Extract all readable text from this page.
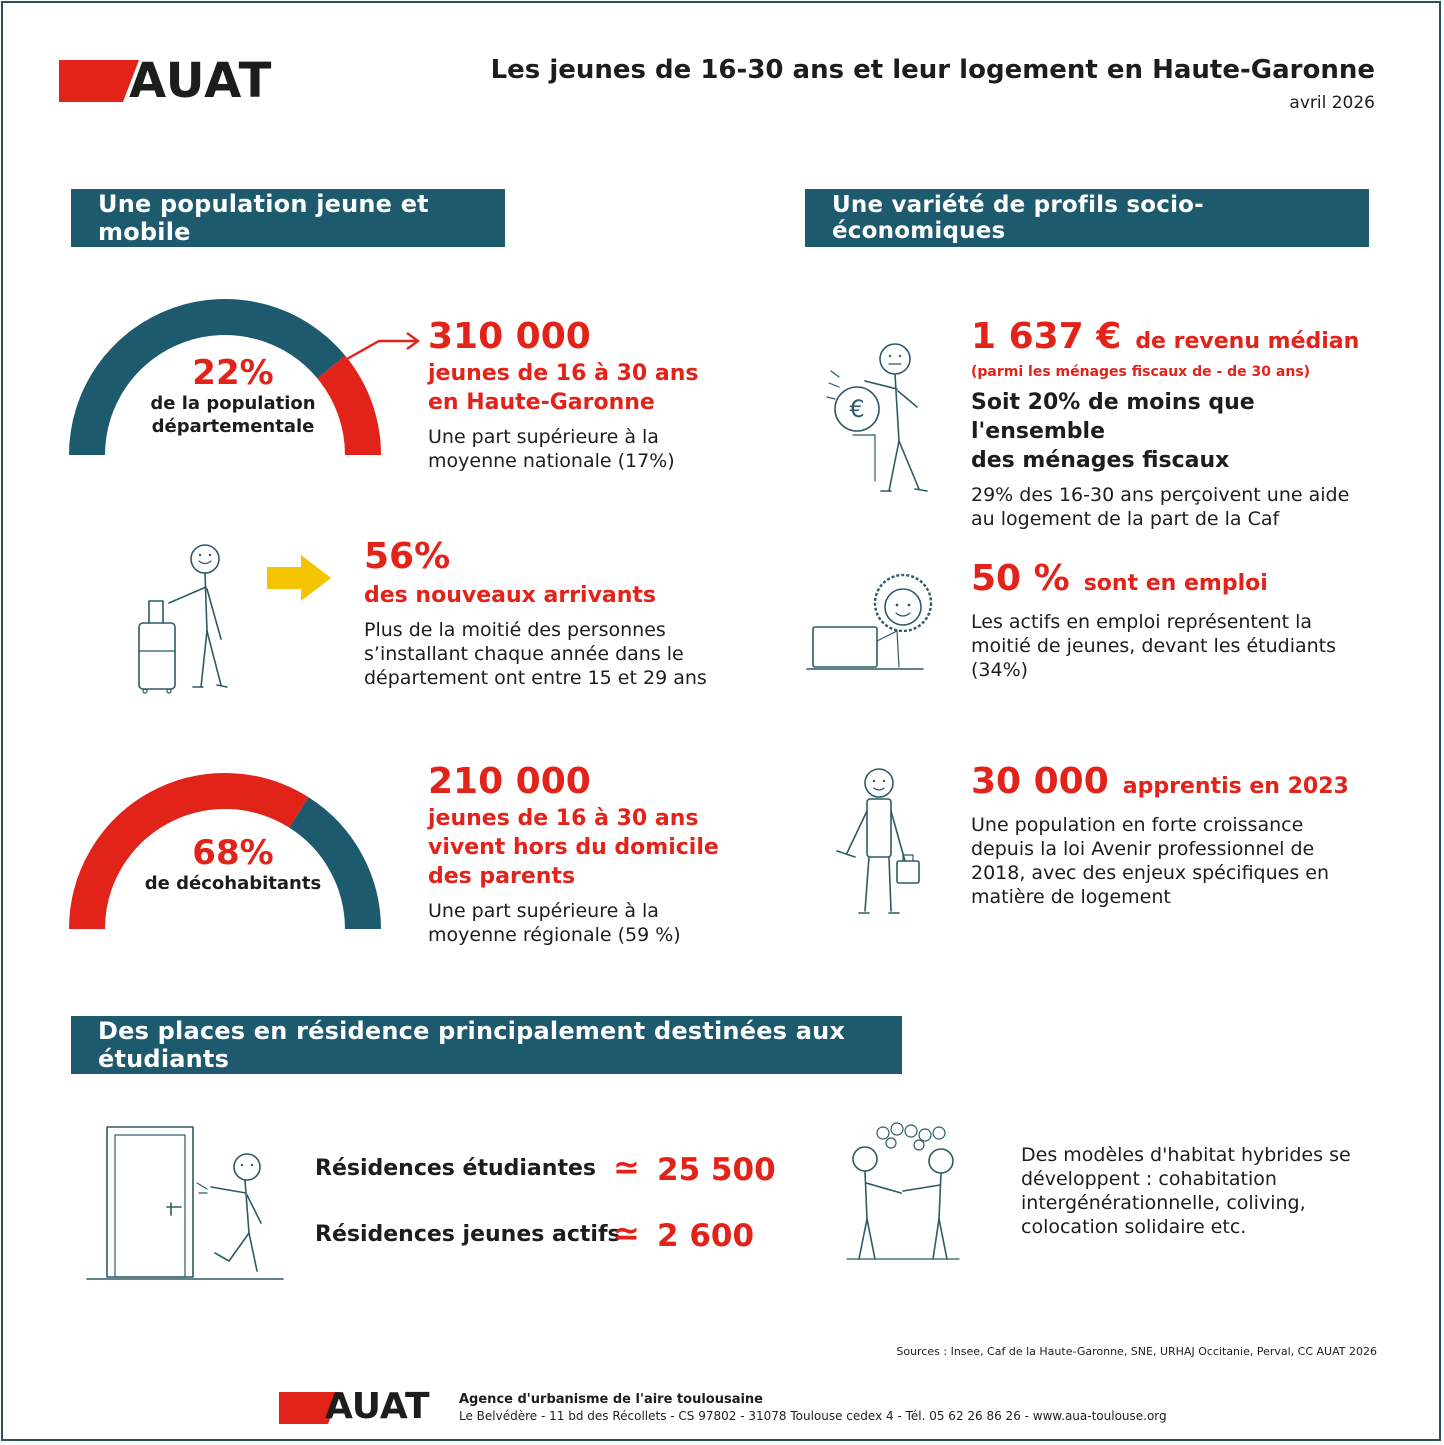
AUAT	Les jeunes de 16-30 ans et leur logement en Haute-Garonne
avril 2026
Une population jeune et mobile
Une variété de profils socio-économiques
Des places en résidence principalement destinées aux étudiants
22%
de la population
départementale
310 000
jeunes de 16 à 30 ans
en Haute-Garonne
Une part supérieure à la
moyenne nationale (17%)
56%
des nouveaux arrivants
Plus de la moitié des personnes
s’installant chaque année dans le
département ont entre 15 et 29 ans
68%
de décohabitants
210 000
jeunes de 16 à 30 ans
vivent hors du domicile
des parents
Une part supérieure à la
moyenne régionale (59 %)
€
1 637 € de revenu médian
(parmi les ménages fiscaux de - de 30 ans)
Soit 20% de moins que l'ensemble
des ménages fiscaux
29% des 16-30 ans perçoivent une aide
au logement de la part de la Caf
50 % sont en emploi
Les actifs en emploi représentent la
moitié de jeunes, devant les étudiants
(34%)
30 000 apprentis en 2023
Une population en forte croissance
depuis la loi Avenir professionnel de
2018, avec des enjeux spécifiques en
matière de logement
Résidences étudiantes ≃ 25 500
Résidences jeunes actifs
≃ 2 600
Des modèles d'habitat hybrides se
développent : cohabitation
intergénérationnelle, coliving,
colocation solidaire etc.
Sources : Insee, Caf de la Haute-Garonne, SNE, URHAJ Occitanie, Perval, CC AUAT 2026
AUAT Agence d'urbanisme de l'aire toulousaine
Le Belvédère - 11 bd des Récollets - CS 97802 - 31078 Toulouse cedex 4 - Tél. 05 62 26 86 26 - www.aua-toulouse.org
